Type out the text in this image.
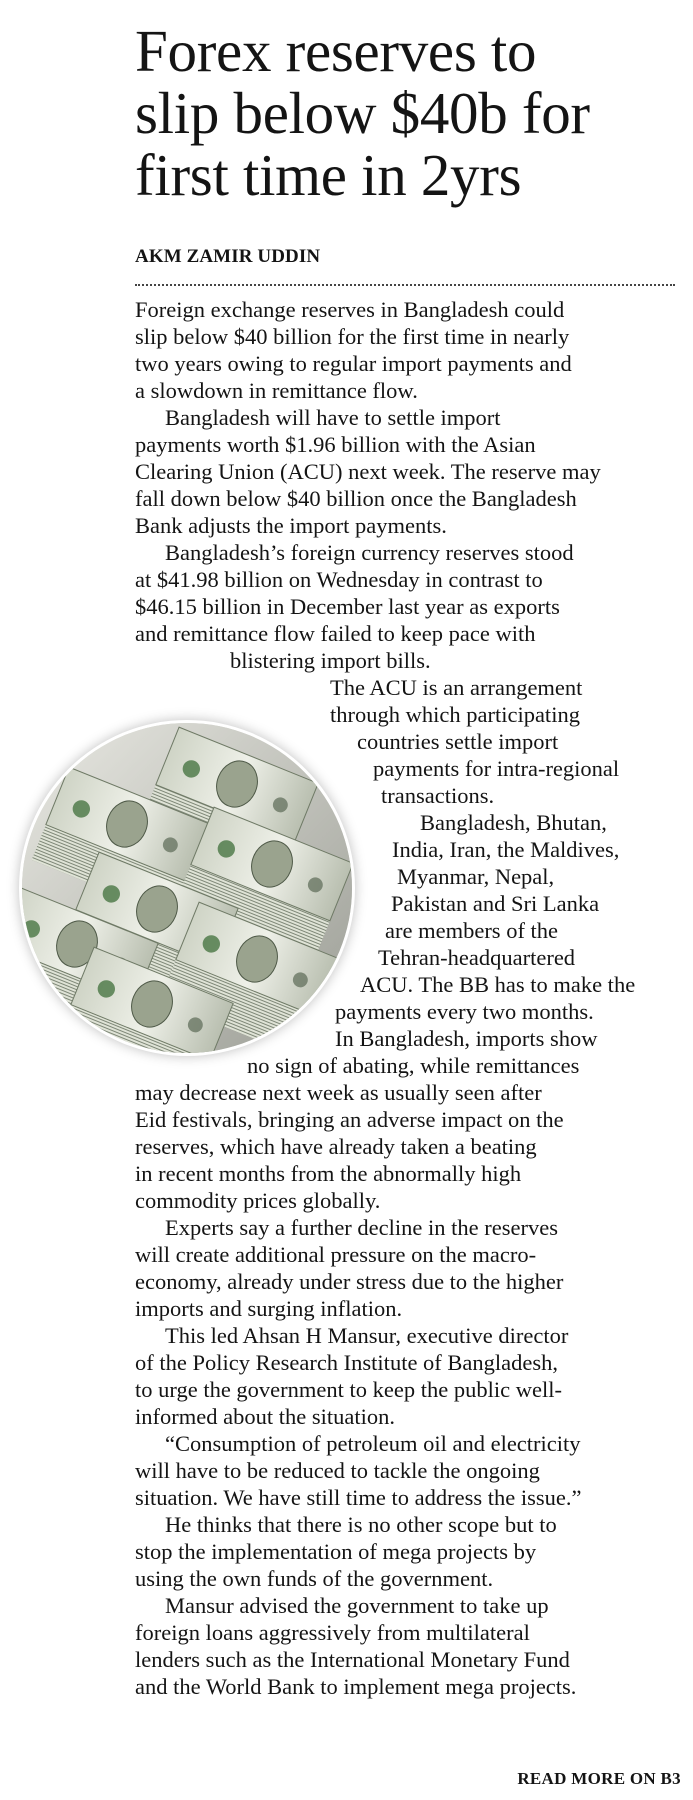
Forex reserves to
slip below $40b for
first time in 2yrs

AKM ZAMIR UDDIN

Foreign exchange reserves in Bangladesh could
slip below $40 billion for the first time in nearly
two years owing to regular import payments and
a slowdown in remittance flow.
Bangladesh will have to settle import
payments worth $1.96 billion with the Asian
Clearing Union (ACU) next week. The reserve may
fall down below $40 billion once the Bangladesh
Bank adjusts the import payments.
Bangladesh’s foreign currency reserves stood
at $41.98 billion on Wednesday in contrast to
$46.15 billion in December last year as exports
and remittance flow failed to keep pace with
blistering import bills.
The ACU is an arrangement
through which participating
countries settle import
payments for intra-regional
transactions.
Bangladesh, Bhutan,
India, Iran, the Maldives,
Myanmar, Nepal,
Pakistan and Sri Lanka
are members of the
Tehran-headquartered
ACU. The BB has to make the
payments every two months.
In Bangladesh, imports show
no sign of abating, while remittances
may decrease next week as usually seen after
Eid festivals, bringing an adverse impact on the
reserves, which have already taken a beating
in recent months from the abnormally high
commodity prices globally.
Experts say a further decline in the reserves
will create additional pressure on the macro-
economy, already under stress due to the higher
imports and surging inflation.
This led Ahsan H Mansur, executive director
of the Policy Research Institute of Bangladesh,
to urge the government to keep the public well-
informed about the situation.
“Consumption of petroleum oil and electricity
will have to be reduced to tackle the ongoing
situation. We have still time to address the issue.”
He thinks that there is no other scope but to
stop the implementation of mega projects by
using the own funds of the government.
Mansur advised the government to take up
foreign loans aggressively from multilateral
lenders such as the International Monetary Fund
and the World Bank to implement mega projects.

READ MORE ON B3
